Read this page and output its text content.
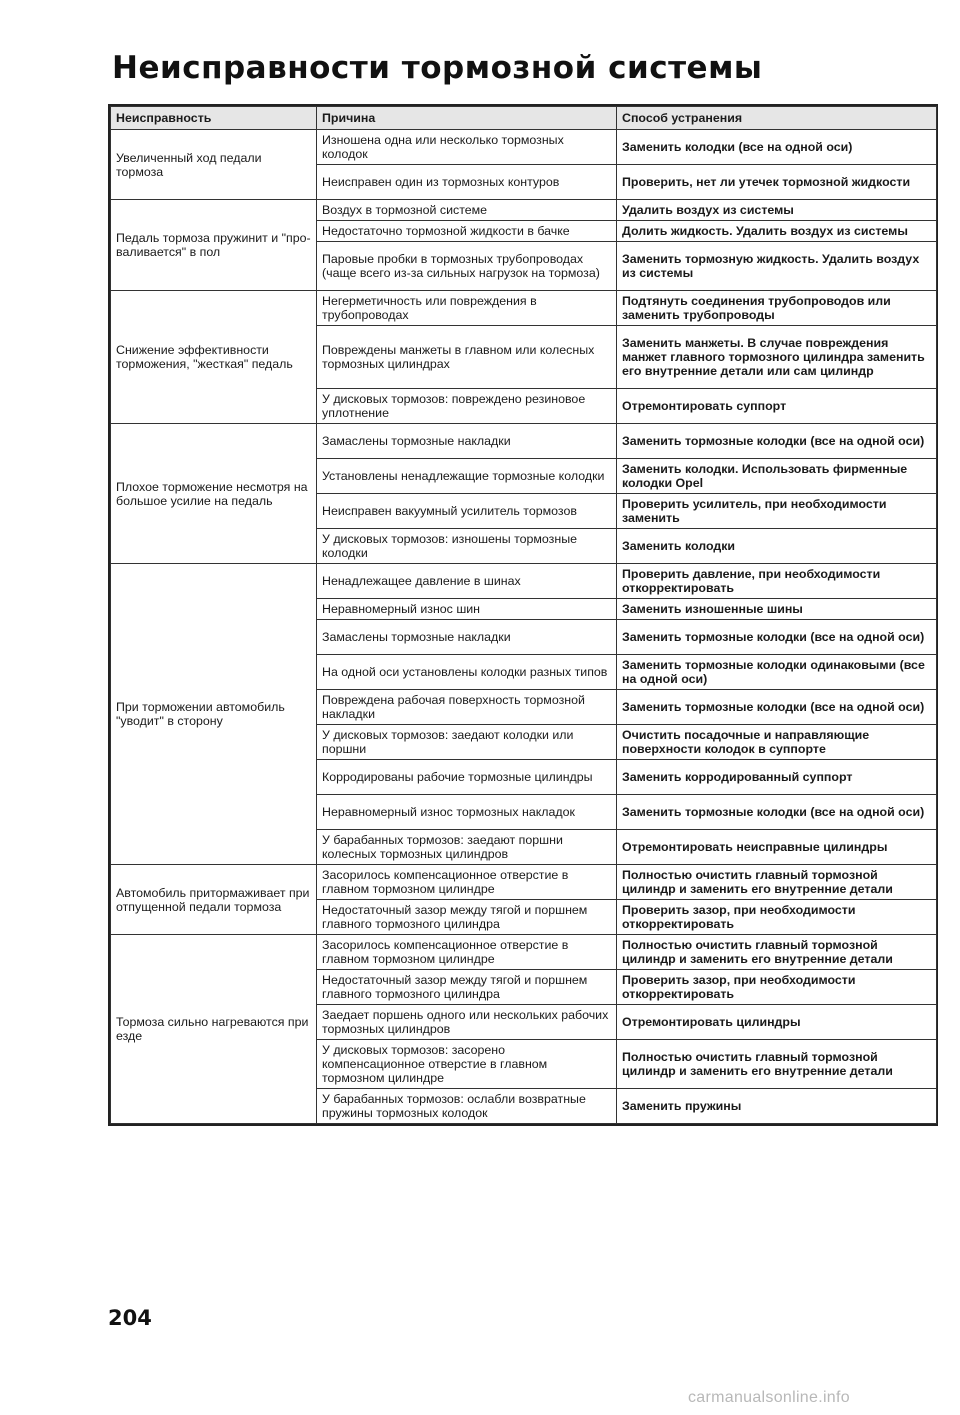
Неисправности тормозной системы
Неисправность	Причина	Способ устранения
Увеличенный ход педали тормоза	Изношена одна или несколько тормозных колодок	Заменить колодки (все на одной оси)
	Неисправен один из тормозных контуров	Проверить, нет ли утечек тормозной жидкости
Педаль тормоза пружинит и "проваливается" в пол	Воздух в тормозной системе	Удалить воздух из системы
	Недостаточно тормозной жидкости в бачке	Долить жидкость. Удалить воздух из системы
	Паровые пробки в тормозных трубопроводах (чаще всего из-за сильных нагрузок на тормоза)	Заменить тормозную жидкость. Удалить воздух из системы
Снижение эффективности торможения, "жесткая" педаль	Негерметичность или повреждения в трубопроводах	Подтянуть соединения трубопроводов или заменить трубопроводы
	Повреждены манжеты в главном или колесных тормозных цилиндрах	Заменить манжеты. В случае повреждения манжет главного тормозного цилиндра заменить его внутренние детали или сам цилиндр
	У дисковых тормозов: повреждено резиновое уплотнение	Отремонтировать суппорт
Плохое торможение несмотря на большое усилие на педаль	Замаслены тормозные накладки	Заменить тормозные колодки (все на одной оси)
	Установлены ненадлежащие тормозные колодки	Заменить колодки. Использовать фирменные колодки Opel
	Неисправен вакуумный усилитель тормозов	Проверить усилитель, при необходимости заменить
	У дисковых тормозов: изношены тормозные колодки	Заменить колодки
При торможении автомобиль "уводит" в сторону	Ненадлежащее давление в шинах	Проверить давление, при необходимости откорректировать
	Неравномерный износ шин	Заменить изношенные шины
	Замаслены тормозные накладки	Заменить тормозные колодки (все на одной оси)
	На одной оси установлены колодки разных типов	Заменить тормозные колодки одинаковыми (все на одной оси)
	Повреждена рабочая поверхность тормозной накладки	Заменить тормозные колодки (все на одной оси)
	У дисковых тормозов: заедают колодки или поршни	Очистить посадочные и направляющие поверхности колодок в суппорте
	Корродированы рабочие тормозные цилиндры	Заменить корродированный суппорт
	Неравномерный износ тормозных накладок	Заменить тормозные колодки (все на одной оси)
	У барабанных тормозов: заедают поршни колесных тормозных цилиндров	Отремонтировать неисправные цилиндры
Автомобиль притормаживает при отпущенной педали тормоза	Засорилось компенсационное отверстие в главном тормозном цилиндре	Полностью очистить главный тормозной цилиндр и заменить его внутренние детали
	Недостаточный зазор между тягой и поршнем главного тормозного цилиндра	Проверить зазор, при необходимости откорректировать
Тормоза сильно нагреваются при езде	Засорилось компенсационное отверстие в главном тормозном цилиндре	Полностью очистить главный тормозной цилиндр и заменить его внутренние детали
	Недостаточный зазор между тягой и поршнем главного тормозного цилиндра	Проверить зазор, при необходимости откорректировать
	Заедает поршень одного или нескольких рабочих тормозных цилиндров	Отремонтировать цилиндры
	У дисковых тормозов: засорено компенсационное отверстие в главном тормозном цилиндре	Полностью очистить главный тормозной цилиндр и заменить его внутренние детали
	У барабанных тормозов: ослабли возвратные пружины тормозных колодок	Заменить пружины
204
carmanualsonline.info
